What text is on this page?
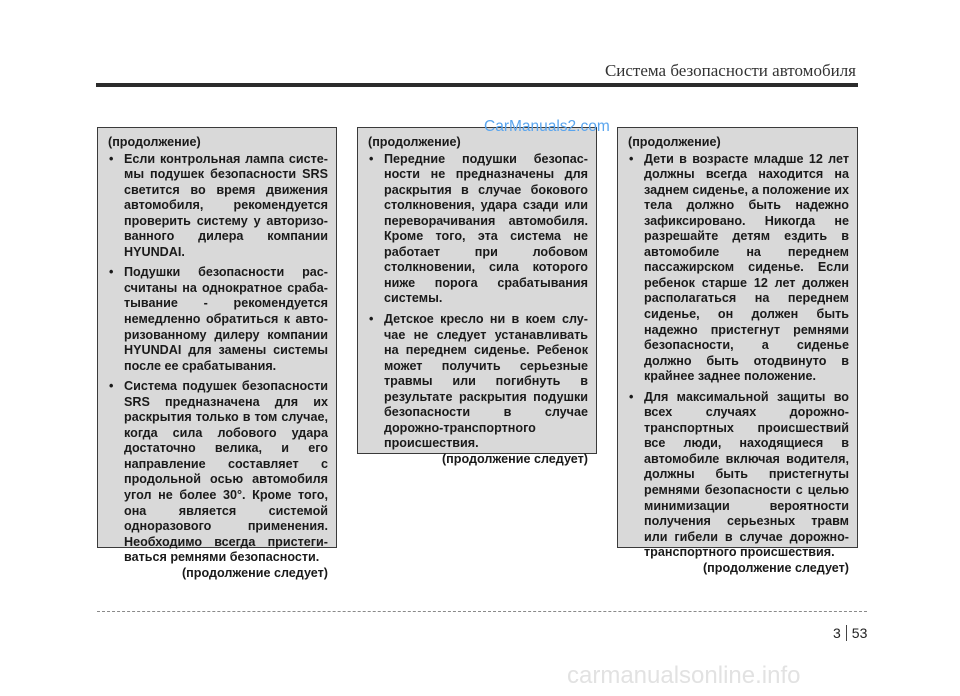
Система безопасности автомобиля

(продолжение)

• Если контрольная лампа системы подушек безопасности SRS светится во время движения автомобиля, рекомендуется проверить систему у авторизованного дилера компании HYUNDAI.
• Подушки безопасности рассчитаны на однократное срабатывание - рекомендуется немедленно обратиться к авторизованному дилеру компании HYUNDAI для замены системы после ее срабатывания.
• Система подушек безопасности SRS предназначена для их раскрытия только в том случае, когда сила лобового удара достаточно велика, и его направление составляет с продольной осью автомобиля угол не более 30°. Кроме того, она является системой одноразового применения. Необходимо всегда пристегиваться ремнями безопасности.

(продолжение следует)

(продолжение)

• Передние подушки безопасности не предназначены для раскрытия в случае бокового столкновения, удара сзади или переворачивания автомобиля. Кроме того, эта система не работает при лобовом столкновении, сила которого ниже порога срабатывания системы.
• Детское кресло ни в коем случае не следует устанавливать на переднем сиденье. Ребенок может получить серьезные травмы или погибнуть в результате раскрытия подушки безопасности в случае дорожно-транспортного происшествия.

(продолжение следует)

(продолжение)

• Дети в возрасте младше 12 лет должны всегда находится на заднем сиденье, а положение их тела должно быть надежно зафиксировано. Никогда не разрешайте детям ездить в автомобиле на переднем пассажирском сиденье. Если ребенок старше 12 лет должен располагаться на переднем сиденье, он должен быть надежно пристегнут ремнями безопасности, а сиденье должно быть отодвинуто в крайнее заднее положение.
• Для максимальной защиты во всех случаях дорожно-транспортных происшествий все люди, находящиеся в автомобиле включая водителя, должны быть пристегнуты ремнями безопасности с целью минимизации вероятности получения серьезных травм или гибели в случае дорожно-транспортного происшествия.

(продолжение следует)

CarManuals2.com
3 53
carmanualsonline.info
